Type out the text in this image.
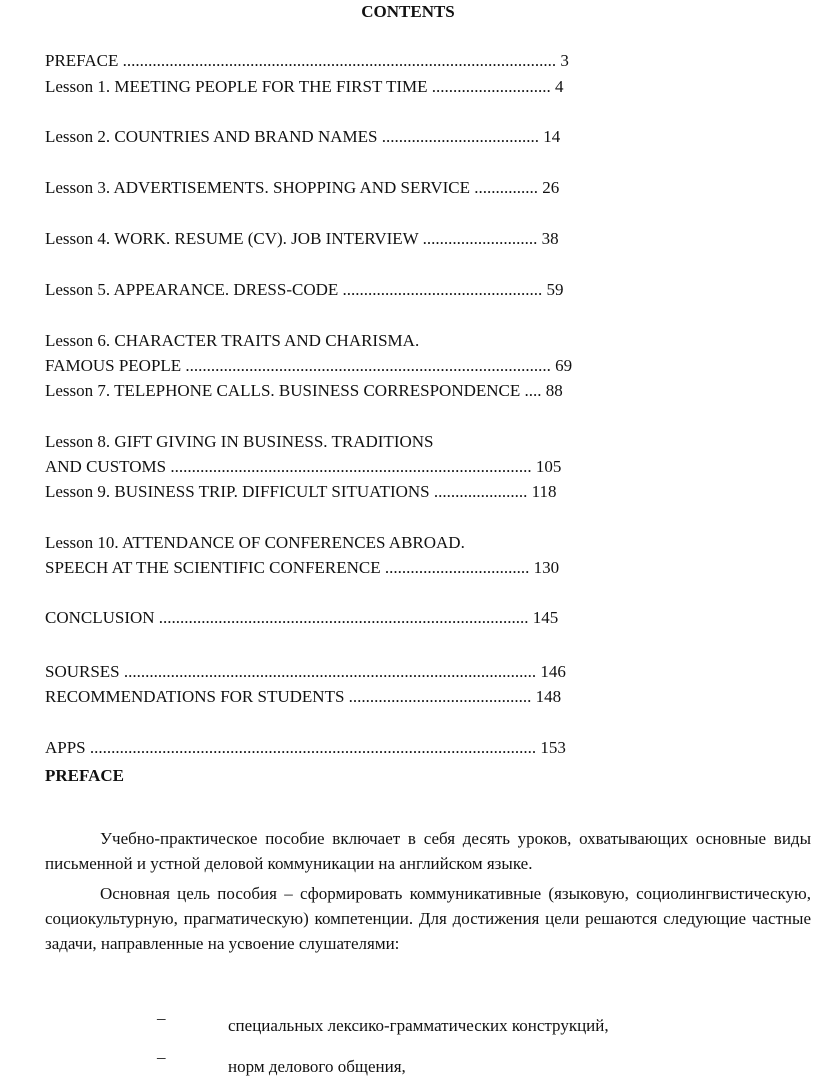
CONTENTS
PREFACE ...................................................................................................... 3
Lesson 1. MEETING PEOPLE FOR THE FIRST TIME ............................ 4
Lesson 2. COUNTRIES AND BRAND NAMES ..................................... 14
Lesson 3. ADVERTISEMENTS. SHOPPING AND SERVICE ............... 26
Lesson 4. WORK. RESUME (CV). JOB INTERVIEW ........................... 38
Lesson 5. APPEARANCE. DRESS-CODE ............................................... 59
Lesson 6. CHARACTER TRAITS AND CHARISMA.
FAMOUS PEOPLE ...................................................................................... 69
Lesson 7. TELEPHONE CALLS. BUSINESS CORRESPONDENCE .... 88
Lesson 8. GIFT GIVING IN BUSINESS. TRADITIONS
AND CUSTOMS ..................................................................................... 105
Lesson 9. BUSINESS TRIP. DIFFICULT SITUATIONS ...................... 118
Lesson 10. ATTENDANCE OF CONFERENCES ABROAD.
SPEECH AT THE SCIENTIFIC CONFERENCE .................................. 130
CONCLUSION ....................................................................................... 145
SOURSES ................................................................................................. 146
RECOMMENDATIONS FOR STUDENTS ........................................... 148
APPS ......................................................................................................... 153
PREFACE
Учебно-практическое пособие включает в себя десять уроков, охватывающих основные виды письменной и устной деловой коммуникации на английском языке.
Основная цель пособия – сформировать коммуникативные (языковую, социолингвистическую, социокультурную, прагматическую) компетенции. Для достижения цели решаются следующие частные задачи, направленные на усвоение слушателями:
_
специальных лексико-грамматических конструкций,
_
норм делового общения,
